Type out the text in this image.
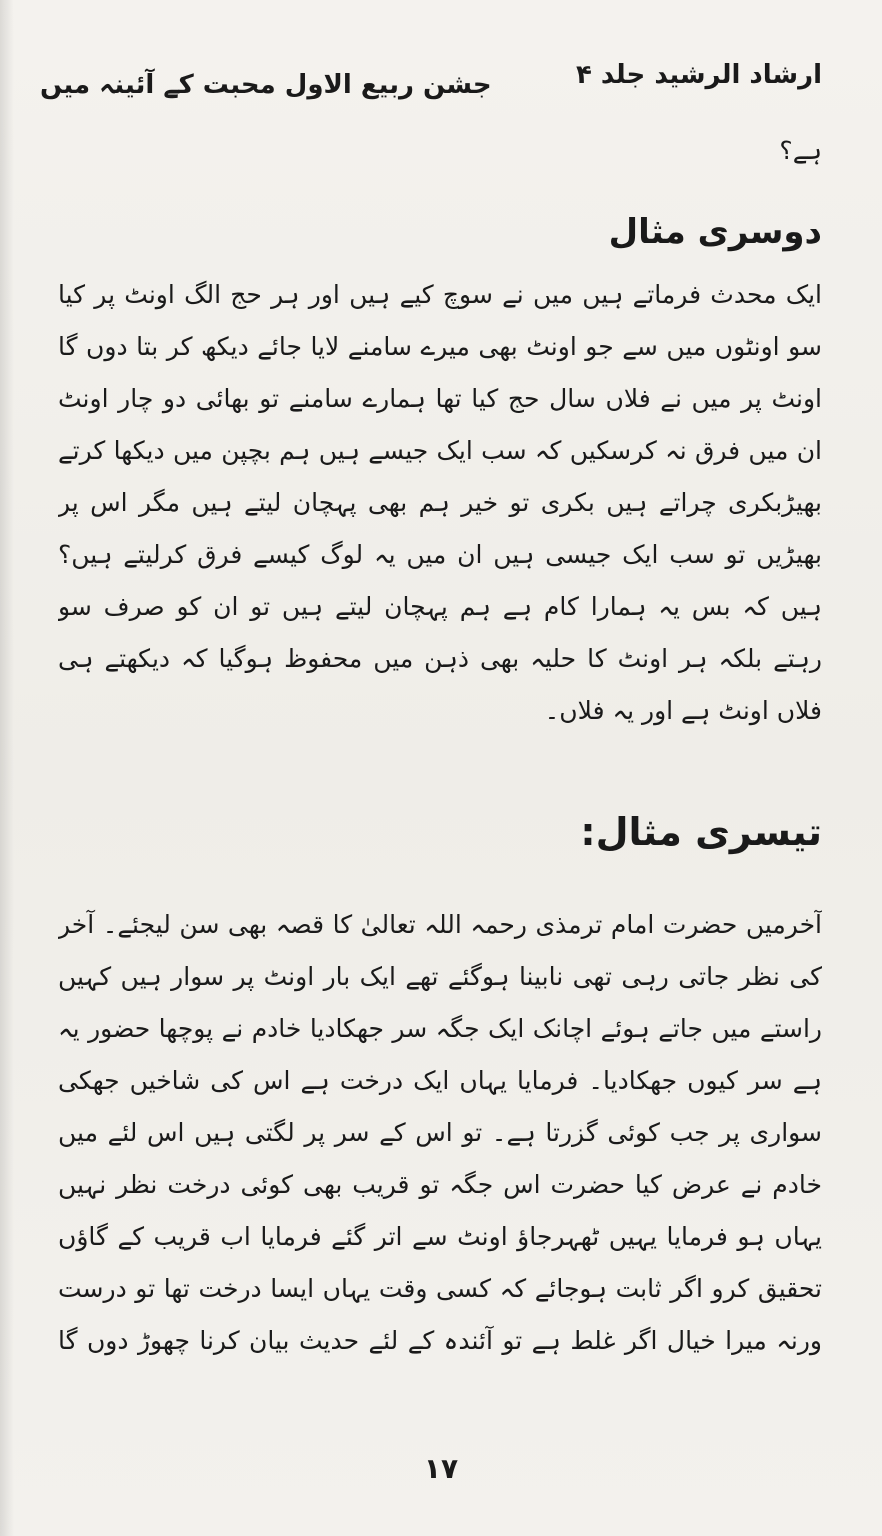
ارشاد الرشید جلد ۴
جشن ربیع الاول محبت کے آئینہ میں
ہے؟
دوسری مثال
ایک محدث فرماتے ہیں میں نے سوچ کیے ہیں اور ہر حج الگ اونٹ پر کیا
سو اونٹوں میں سے جو اونٹ بھی میرے سامنے لایا جائے دیکھ کر بتا دوں گا
اونٹ پر میں نے فلاں سال حج کیا تھا ہمارے سامنے تو بھائی دو چار اونٹ
ان میں فرق نہ کرسکیں کہ سب ایک جیسے ہیں ہم بچپن میں دیکھا کرتے
بھیڑبکری چراتے ہیں بکری تو خیر ہم بھی پہچان لیتے ہیں مگر اس پر
بھیڑیں تو سب ایک جیسی ہیں ان میں یہ لوگ کیسے فرق کرلیتے ہیں؟
ہیں کہ بس یہ ہمارا کام ہے ہم پہچان لیتے ہیں تو ان کو صرف سو
رہتے بلکہ ہر اونٹ کا حلیہ بھی ذہن میں محفوظ ہوگیا کہ دیکھتے ہی
فلاں اونٹ ہے اور یہ فلاں۔
تیسری مثال:
آخرمیں حضرت امام ترمذی رحمہ اللہ تعالیٰ کا قصہ بھی سن لیجئے۔ آخر
کی نظر جاتی رہی تھی نابینا ہوگئے تھے ایک بار اونٹ پر سوار ہیں کہیں
راستے میں جاتے ہوئے اچانک ایک جگہ سر جھکادیا خادم نے پوچھا حضور یہ
ہے سر کیوں جھکادیا۔ فرمایا یہاں ایک درخت ہے اس کی شاخیں جھکی
سواری پر جب کوئی گزرتا ہے۔ تو اس کے سر پر لگتی ہیں اس لئے میں
خادم نے عرض کیا حضرت اس جگہ تو قریب بھی کوئی درخت نظر نہیں
یہاں ہو فرمایا یہیں ٹھہرجاؤ اونٹ سے اتر گئے فرمایا اب قریب کے گاؤں
تحقیق کرو اگر ثابت ہوجائے کہ کسی وقت یہاں ایسا درخت تھا تو درست
ورنہ میرا خیال اگر غلط ہے تو آئندہ کے لئے حدیث بیان کرنا چھوڑ دوں گا
۱۷
